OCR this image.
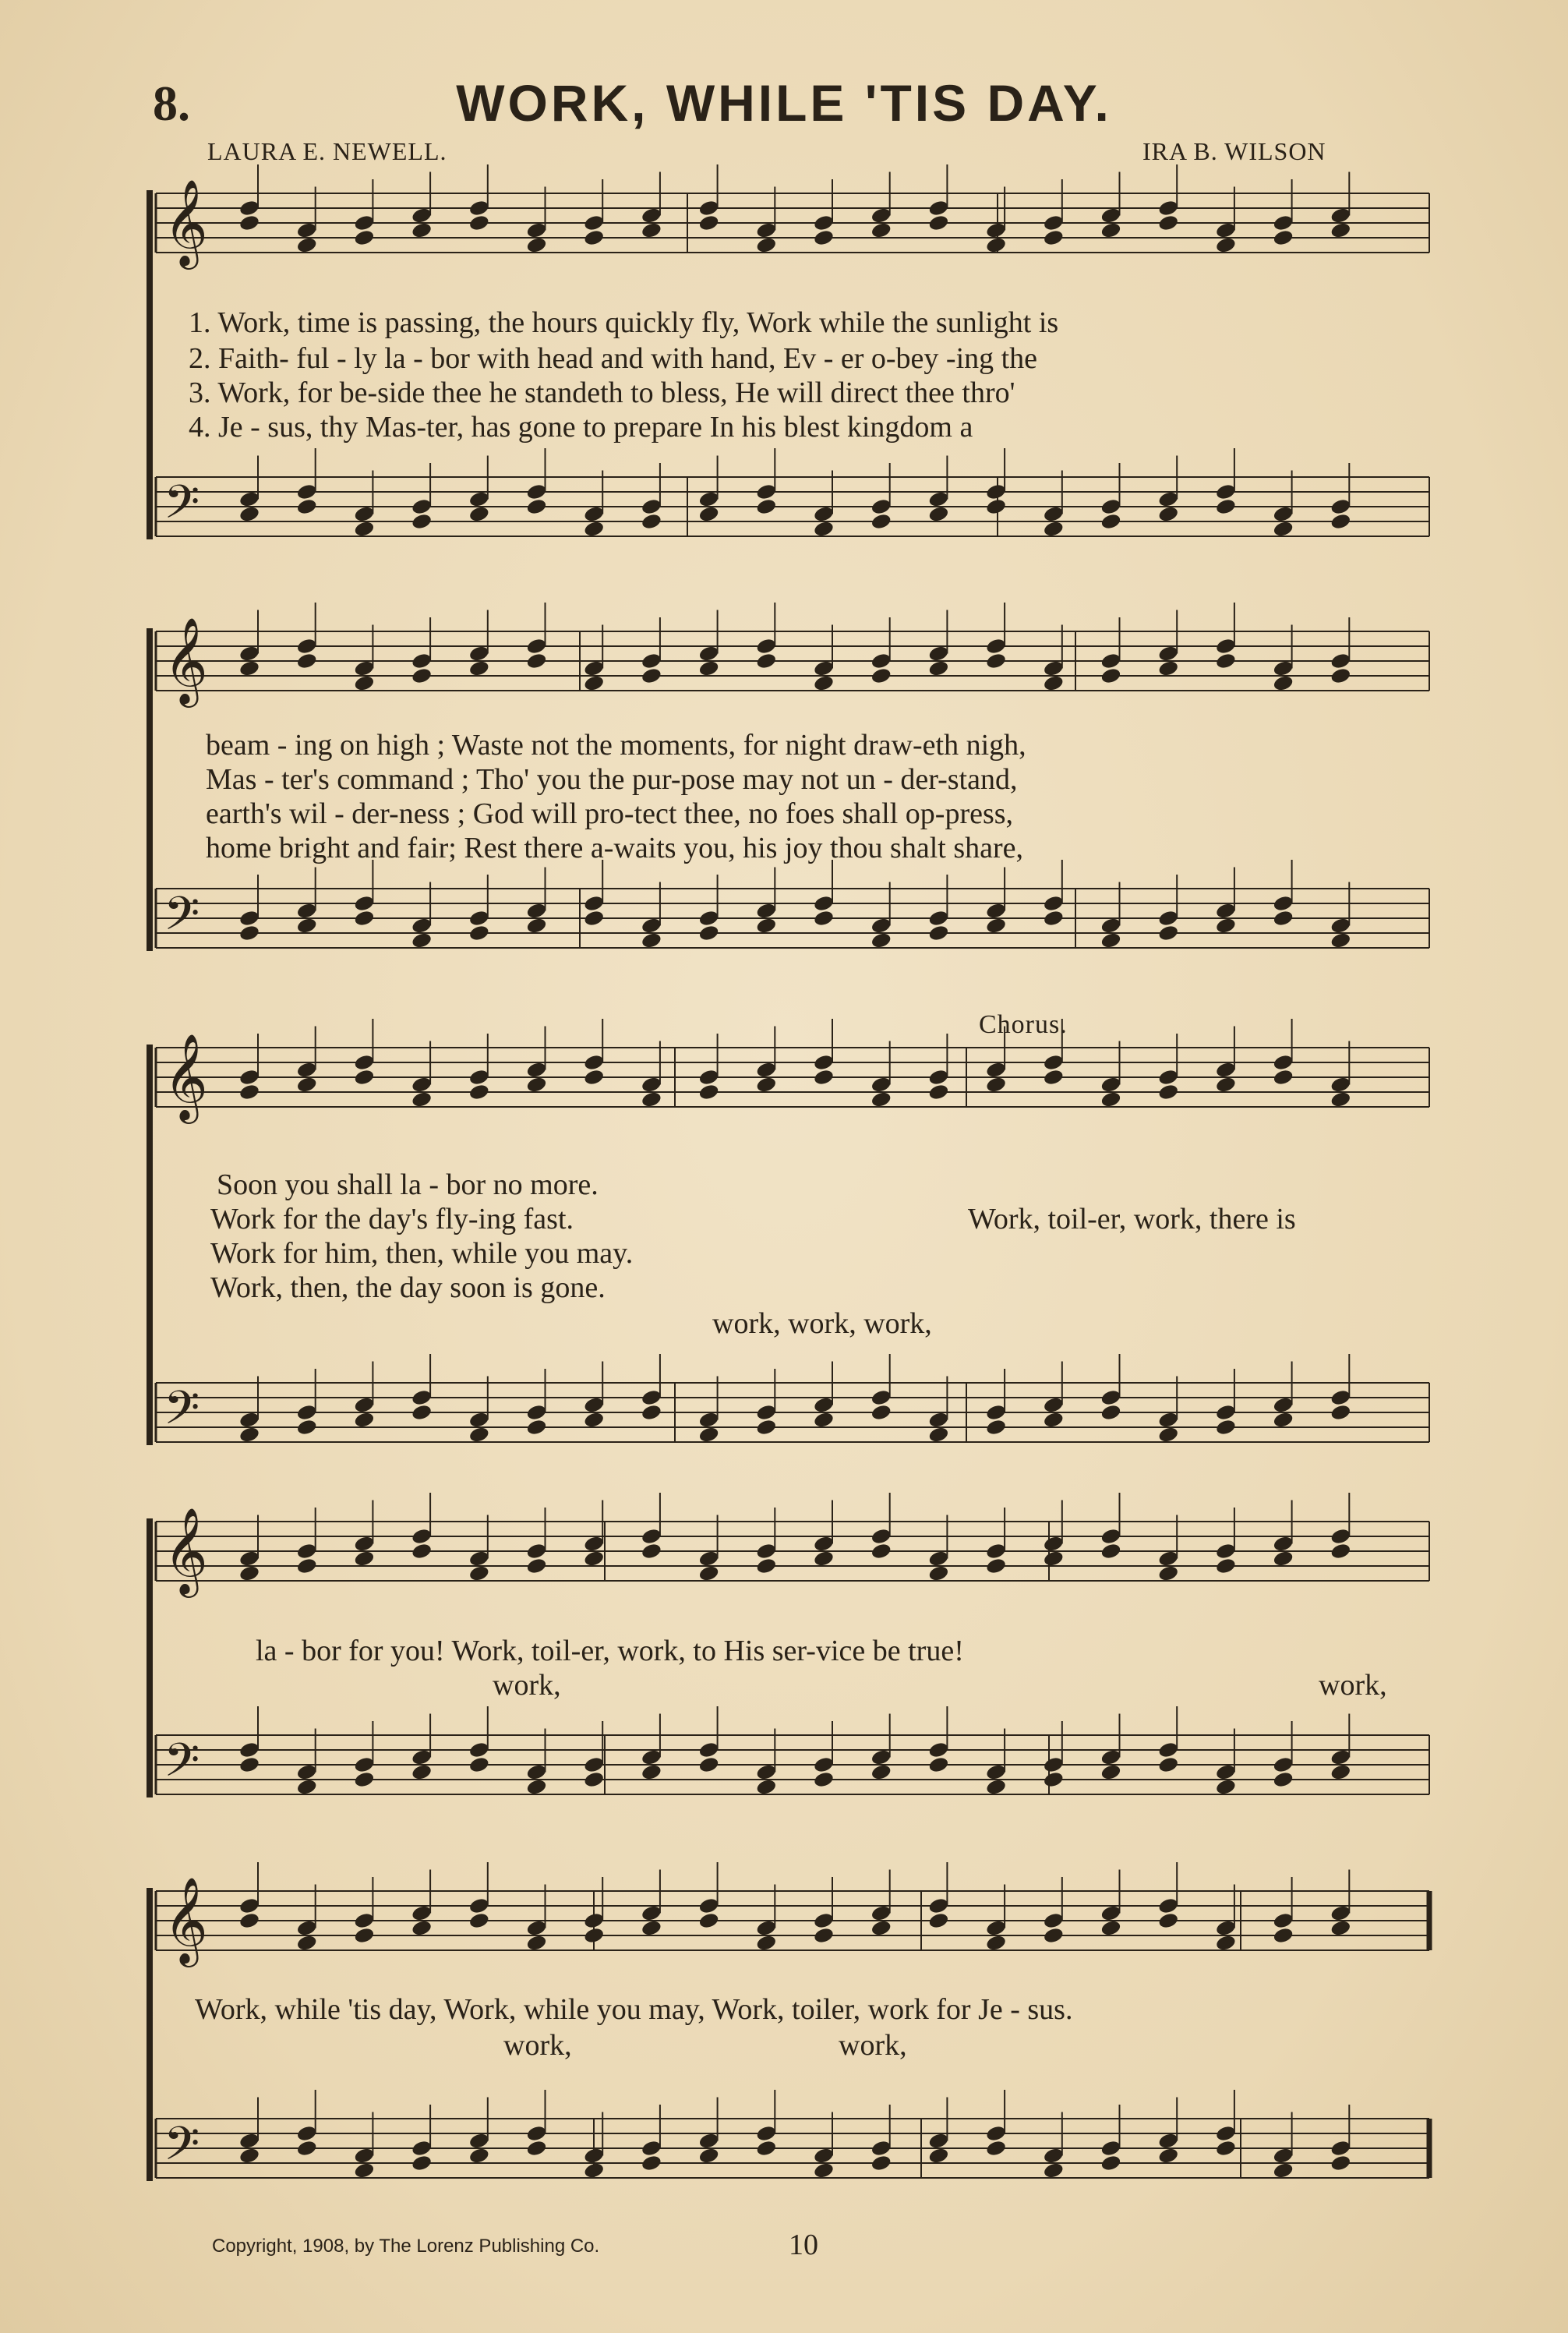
8.	WORK, WHILE 'TIS DAY.
LAURA E. NEWELL.	IRA B. WILSON
𝄞
𝄢
𝄞
𝄢
𝄞
𝄢
𝄞
𝄢
𝄞
𝄢
1. Work, time is passing, the hours quickly fly, Work while the sunlight is
2. Faith- ful - ly la - bor with head and with hand, Ev - er o-bey -ing the
3. Work, for be-side thee he standeth to bless, He will direct thee thro'
4. Je - sus, thy Mas-ter, has gone to prepare In his blest kingdom a
beam - ing on high ; Waste not the moments, for night draw-eth nigh,
Mas - ter's command ; Tho' you the pur-pose may not un - der-stand,
earth's wil - der-ness ; God will pro-tect thee, no foes shall op-press,
home bright and fair; Rest there a-waits you, his joy thou shalt share,
Chorus.
Soon you shall la - bor no more.
Work for the day's fly-ing fast.
Work for him, then, while you may.
Work, then, the day soon is gone.
Work, toil-er, work, there is
work, work, work,
la - bor for you! Work, toil-er, work, to His ser-vice be true!
work,	work,
Work, while 'tis day, Work, while you may, Work, toiler, work for Je - sus.
work,	work,
Copyright, 1908, by The Lorenz Publishing Co.	10
